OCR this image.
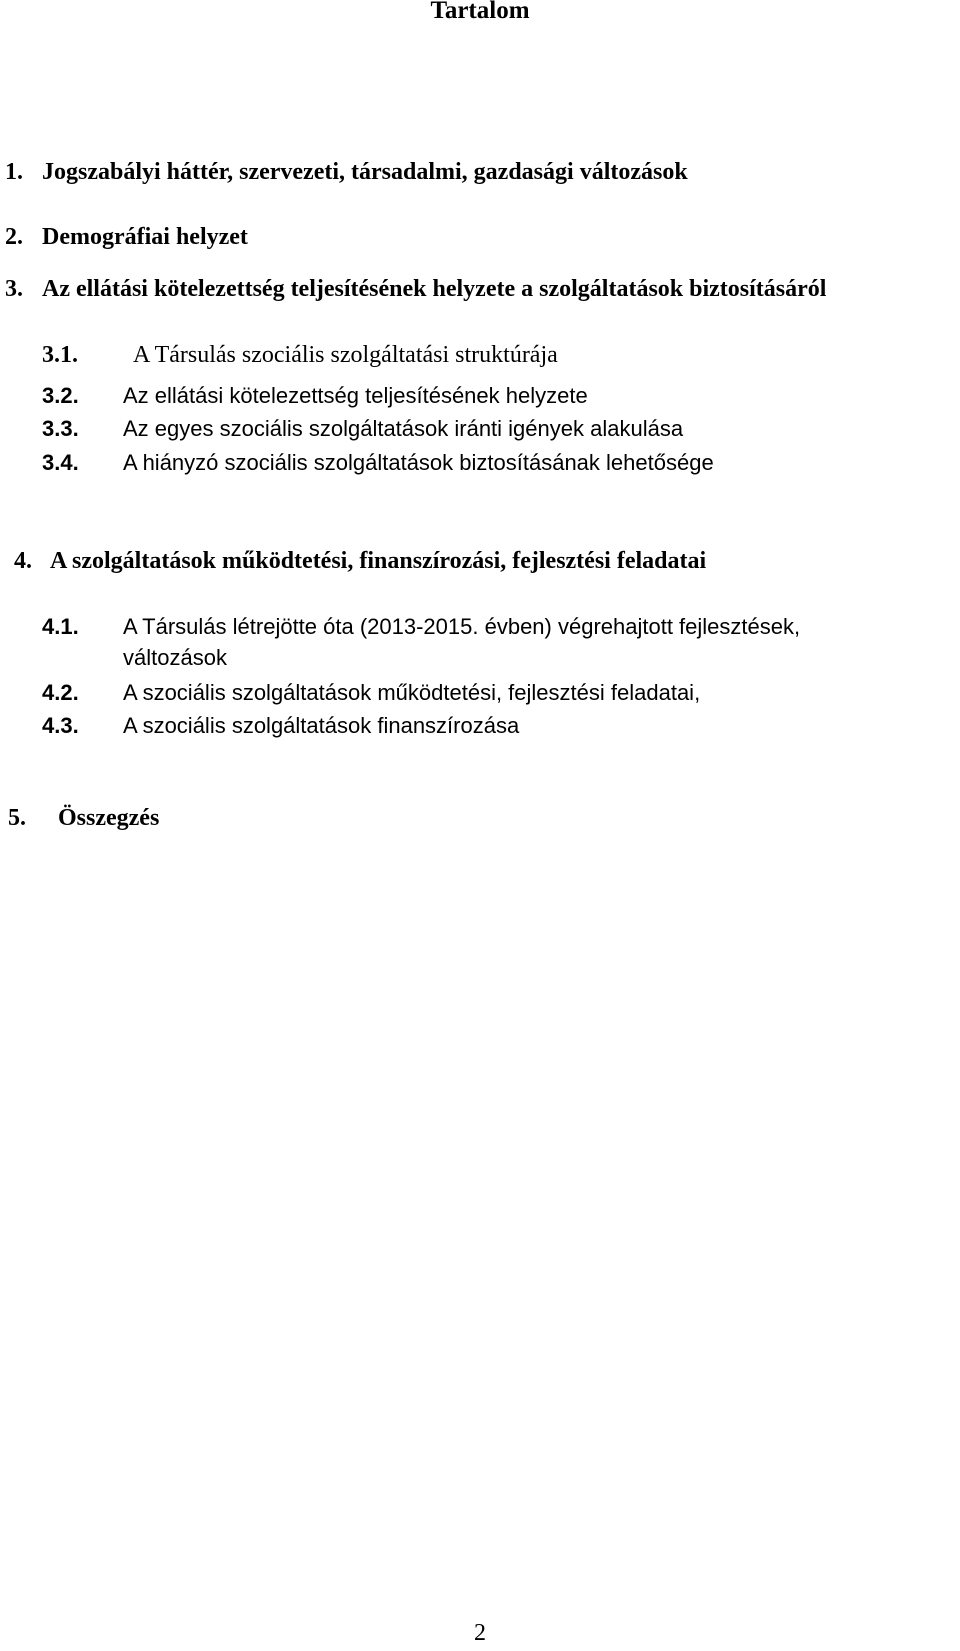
Tartalom
1. Jogszabályi háttér, szervezeti, társadalmi, gazdasági változások
2. Demográfiai helyzet
3. Az ellátási kötelezettség teljesítésének helyzete a szolgáltatások biztosításáról
3.1. A Társulás szociális szolgáltatási struktúrája
3.2. Az ellátási kötelezettség teljesítésének helyzete
3.3. Az egyes szociális szolgáltatások iránti igények alakulása
3.4. A hiányzó szociális szolgáltatások biztosításának lehetősége
4. A szolgáltatások működtetési, finanszírozási, fejlesztési feladatai
4.1. A Társulás létrejötte óta (2013-2015. évben) végrehajtott fejlesztések,
változások
4.2. A szociális szolgáltatások működtetési, fejlesztési feladatai,
4.3. A szociális szolgáltatások finanszírozása
5. Összegzés
2
